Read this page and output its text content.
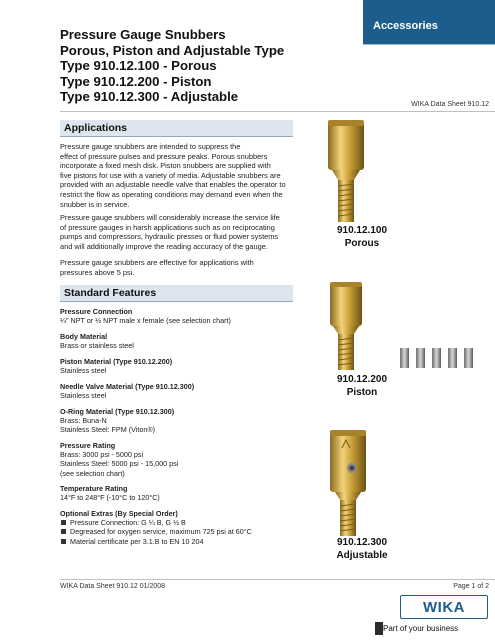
Accessories
Pressure Gauge Snubbers
Porous, Piston and Adjustable Type
Type 910.12.100 - Porous
Type 910.12.200 - Piston
Type 910.12.300 - Adjustable
WIKA Data Sheet 910.12
Applications
Pressure gauge snubbers are intended to suppress the
effect of pressure pulses and pressure peaks. Porous snubbers
incorporate a fixed mesh disk. Piston snubbers are supplied with
five pistons for use with a variety of media. Adjustable snubbers are
provided with an adjustable needle valve that enables the operator to
restrict the flow as operating conditions may demand even when the
snubber is in service.
Pressure gauge snubbers will considerably increase the service life
of pressure gauges in harsh applications such as on reciprocating
pumps and compressors, hydraulic presses or fluid power systems
and will additionally improve the reading accuracy of the gauge.
Pressure gauge snubbers are effective for applications with
pressures above 5 psi.
Standard Features
Pressure Connection
¼" NPT or ½ NPT male x female (see selection chart)
Body Material
Brass or stainless steel
Piston Material (Type 910.12.200)
Stainless steel
Needle Valve Material (Type 910.12.300)
Stainless steel
O-Ring Material (Type 910.12.300)
Brass: Buna-N
Stainless Steel: FPM (Viton®)
Pressure Rating
Brass: 3000 psi - 5000 psi
Stainless Steel: 5000 psi - 15,000 psi
(see selection chart)
Temperature Rating
14°F to 248°F (-10°C to 120°C)
Optional Extras (By Special Order)
Pressure Connection: G ¼ B, G ½ B
Degreased for oxygen service, maximum 725 psi at 60°C
Material certificate per 3.1.B to EN 10 204
910.12.100
Porous
910.12.200
Piston
910.12.300
Adjustable
WIKA Data Sheet 910.12 01/2008	Page 1 of 2
WIKA
Part of your business
